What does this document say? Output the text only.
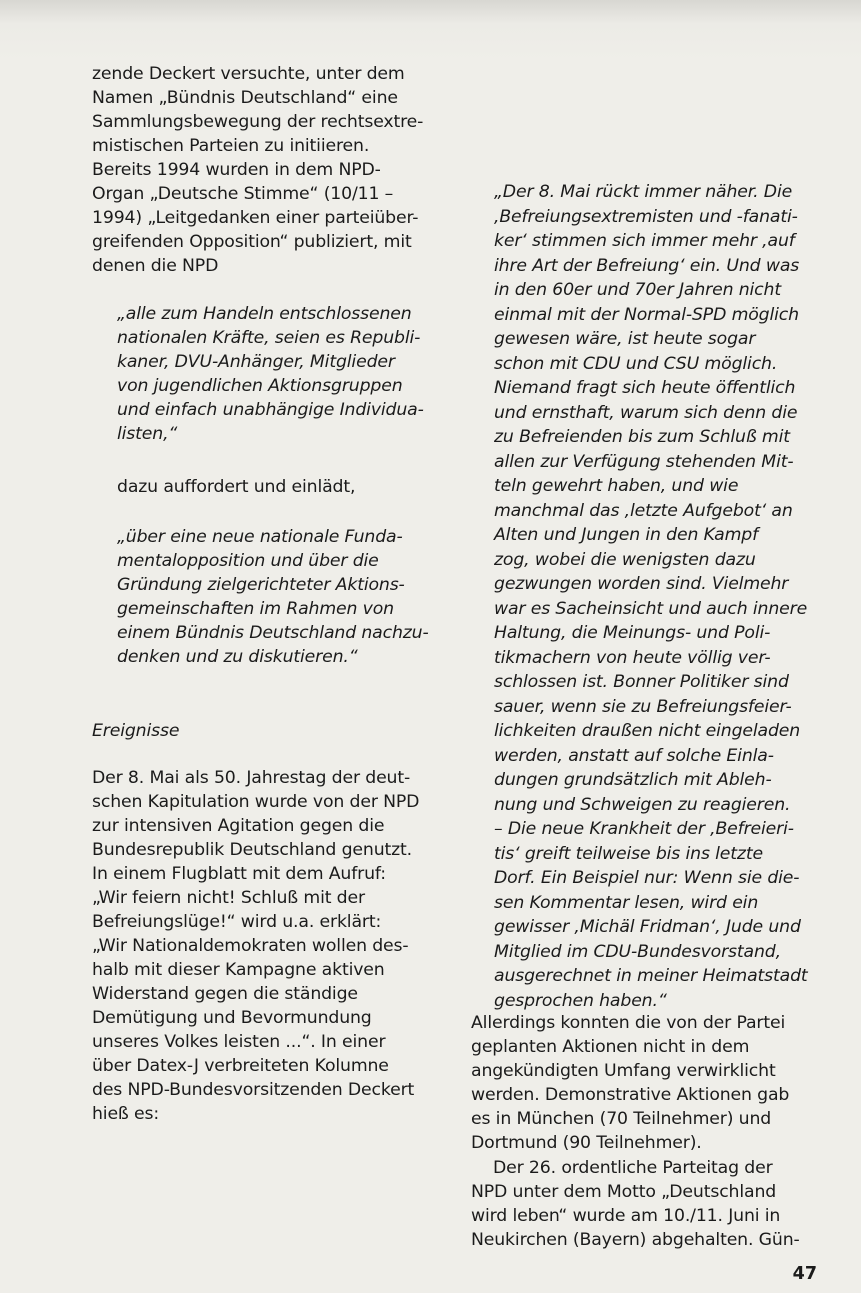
zende Deckert versuchte, unter dem
Namen „Bündnis Deutschland“ eine
Sammlungsbewegung der rechtsextre-
mistischen Parteien zu initiieren.
Bereits 1994 wurden in dem NPD-
Organ „Deutsche Stimme“ (10/11 –
1994) „Leitgedanken einer parteiüber-
greifenden Opposition“ publiziert, mit
denen die NPD
„alle zum Handeln entschlossenen
nationalen Kräfte, seien es Republi-
kaner, DVU-Anhänger, Mitglieder
von jugendlichen Aktionsgruppen
und einfach unabhängige Individua-
listen,“
dazu auffordert und einlädt,
„über eine neue nationale Funda-
mentalopposition und über die
Gründung zielgerichteter Aktions-
gemeinschaften im Rahmen von
einem Bündnis Deutschland nachzu-
denken und zu diskutieren.“
Ereignisse
Der 8. Mai als 50. Jahrestag der deut-
schen Kapitulation wurde von der NPD
zur intensiven Agitation gegen die
Bundesrepublik Deutschland genutzt.
In einem Flugblatt mit dem Aufruf:
„Wir feiern nicht! Schluß mit der
Befreiungslüge!“ wird u.a. erklärt:
„Wir Nationaldemokraten wollen des-
halb mit dieser Kampagne aktiven
Widerstand gegen die ständige
Demütigung und Bevormundung
unseres Volkes leisten ...“. In einer
über Datex-J verbreiteten Kolumne
des NPD-Bundesvorsitzenden Deckert
hieß es:
„Der 8. Mai rückt immer näher. Die
‚Befreiungsextremisten und -fanati-
ker‘ stimmen sich immer mehr ‚auf
ihre Art der Befreiung‘ ein. Und was
in den 60er und 70er Jahren nicht
einmal mit der Normal-SPD möglich
gewesen wäre, ist heute sogar
schon mit CDU und CSU möglich.
Niemand fragt sich heute öffentlich
und ernsthaft, warum sich denn die
zu Befreienden bis zum Schluß mit
allen zur Verfügung stehenden Mit-
teln gewehrt haben, und wie
manchmal das ‚letzte Aufgebot‘ an
Alten und Jungen in den Kampf
zog, wobei die wenigsten dazu
gezwungen worden sind. Vielmehr
war es Sacheinsicht und auch innere
Haltung, die Meinungs- und Poli-
tikmachern von heute völlig ver-
schlossen ist. Bonner Politiker sind
sauer, wenn sie zu Befreiungsfeier-
lichkeiten draußen nicht eingeladen
werden, anstatt auf solche Einla-
dungen grundsätzlich mit Ableh-
nung und Schweigen zu reagieren.
– Die neue Krankheit der ‚Befreieri-
tis‘ greift teilweise bis ins letzte
Dorf. Ein Beispiel nur: Wenn sie die-
sen Kommentar lesen, wird ein
gewisser ‚Michäl Fridman‘, Jude und
Mitglied im CDU-Bundesvorstand,
ausgerechnet in meiner Heimatstadt
gesprochen haben.“
Allerdings konnten die von der Partei
geplanten Aktionen nicht in dem
angekündigten Umfang verwirklicht
werden. Demonstrative Aktionen gab
es in München (70 Teilnehmer) und
Dortmund (90 Teilnehmer).
Der 26. ordentliche Parteitag der
NPD unter dem Motto „Deutschland
wird leben“ wurde am 10./11. Juni in
Neukirchen (Bayern) abgehalten. Gün-
47
